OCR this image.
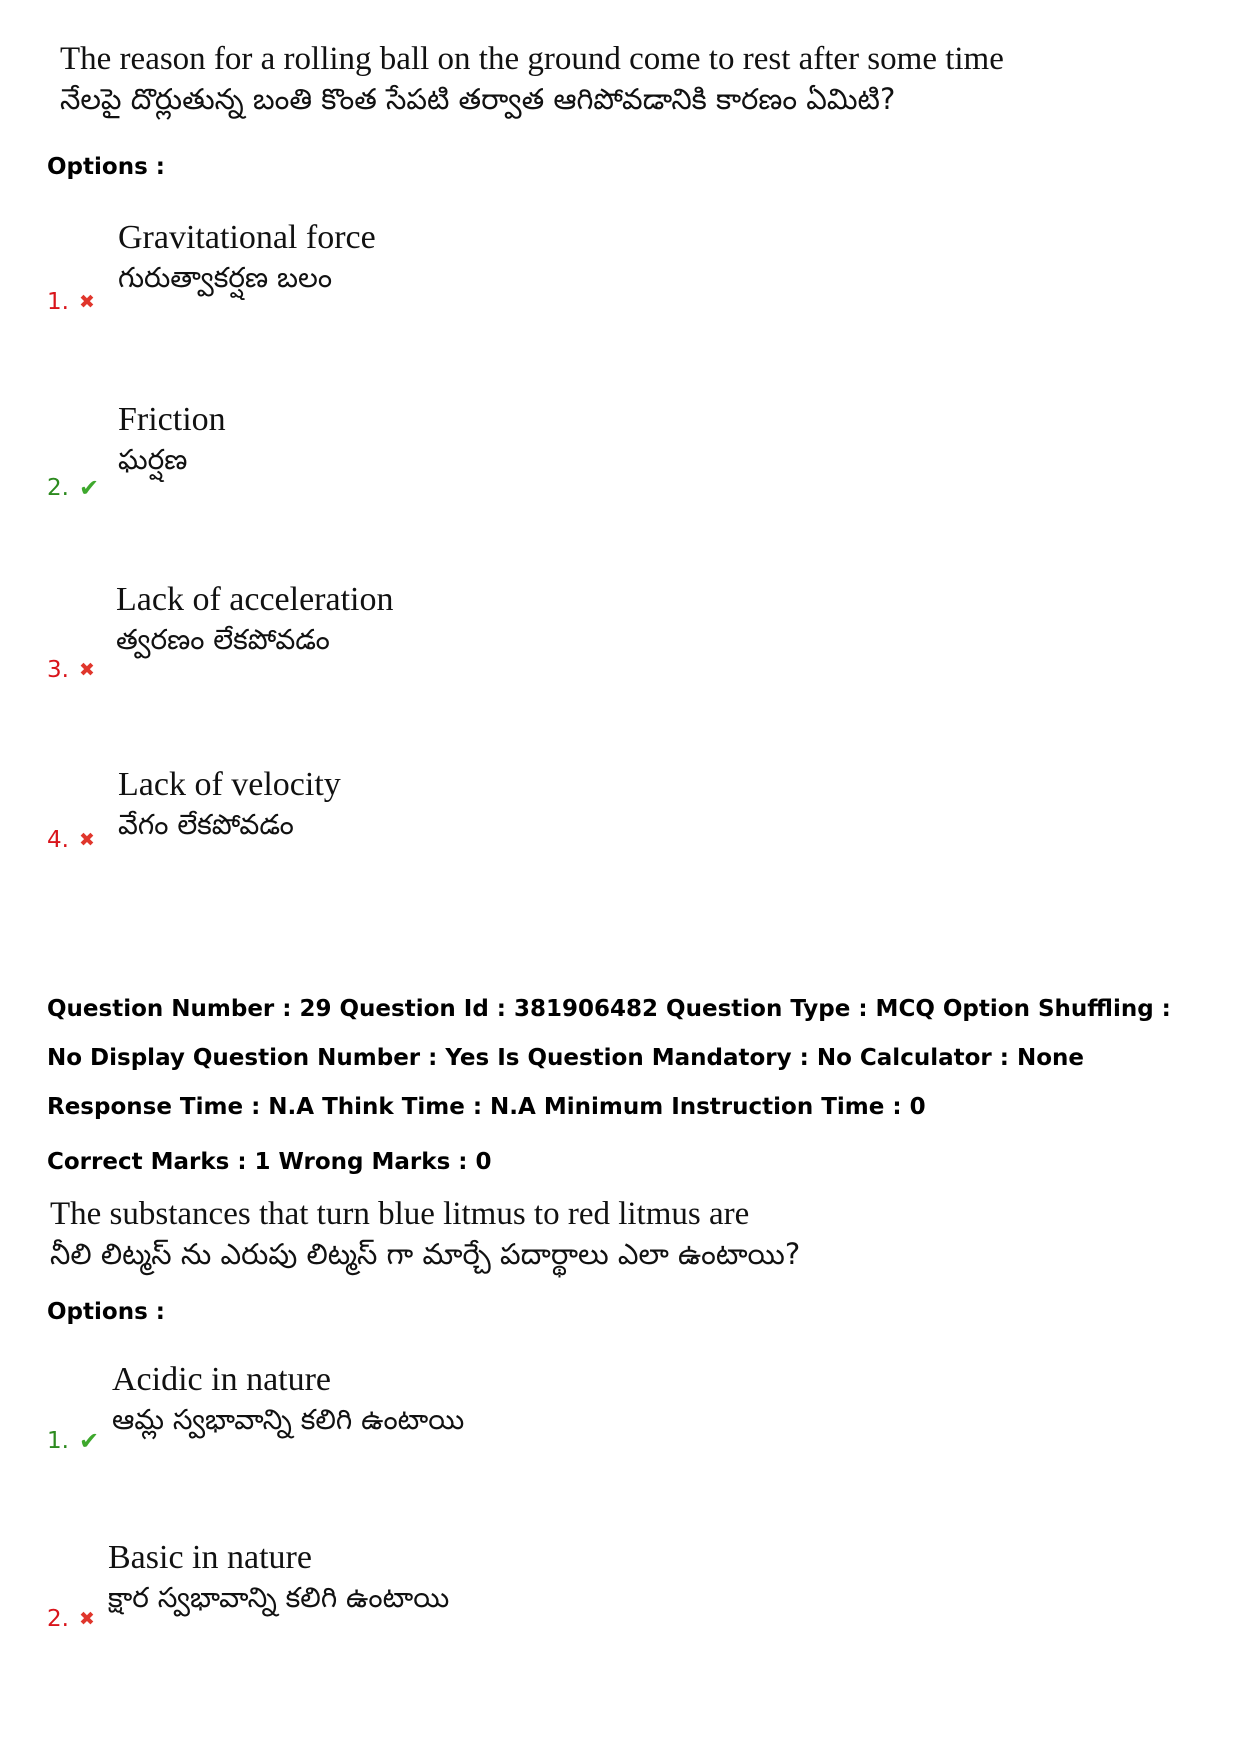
The reason for a rolling ball on the ground come to rest after some time
నేలపై దొర్లుతున్న బంతి కొంత సేపటి తర్వాత ఆగిపోవడానికి కారణం ఏమిటి?
Options :
1. ✖
Gravitational force
గురుత్వాకర్షణ బలం
2. ✔
Friction
ఘర్షణ
3. ✖
Lack of acceleration
త్వరణం లేకపోవడం
4. ✖
Lack of velocity
వేగం లేకపోవడం
Question Number : 29 Question Id : 381906482 Question Type : MCQ Option Shuffling : No Display Question Number : Yes Is Question Mandatory : No Calculator : None Response Time : N.A Think Time : N.A Minimum Instruction Time : 0
Correct Marks : 1 Wrong Marks : 0
The substances that turn blue litmus to red litmus are
నీలి లిట్మస్ ను ఎరుపు లిట్మస్ గా మార్చే పదార్థాలు ఎలా ఉంటాయి?
Options :
1. ✔
Acidic in nature
ఆమ్ల స్వభావాన్ని కలిగి ఉంటాయి
2. ✖
Basic in nature
క్షార స్వభావాన్ని కలిగి ఉంటాయి
